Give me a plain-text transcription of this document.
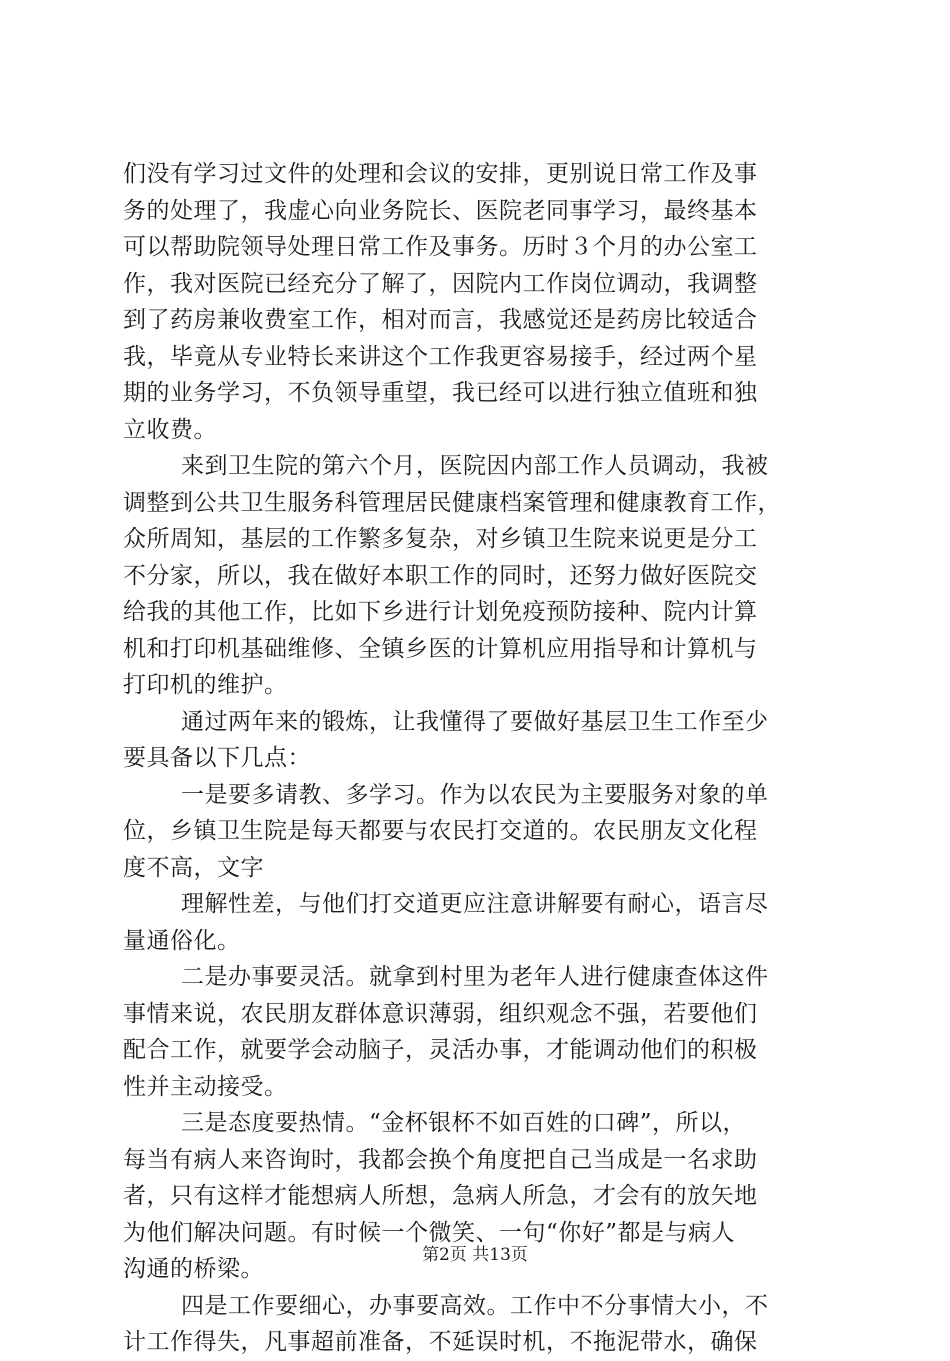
们没有学习过文件的处理和会议的安排，更别说日常工作及事
务的处理了，我虚心向业务院长、医院老同事学习，最终基本
可以帮助院领导处理日常工作及事务。历时３个月的办公室工
作，我对医院已经充分了解了，因院内工作岗位调动，我调整
到了药房兼收费室工作，相对而言，我感觉还是药房比较适合
我，毕竟从专业特长来讲这个工作我更容易接手，经过两个星
期的业务学习，不负领导重望，我已经可以进行独立值班和独
立收费。
来到卫生院的第六个月，医院因内部工作人员调动，我被
调整到公共卫生服务科管理居民健康档案管理和健康教育工作，
众所周知，基层的工作繁多复杂，对乡镇卫生院来说更是分工
不分家，所以，我在做好本职工作的同时，还努力做好医院交
给我的其他工作，比如下乡进行计划免疫预防接种、院内计算
机和打印机基础维修、全镇乡医的计算机应用指导和计算机与
打印机的维护。
通过两年来的锻炼，让我懂得了要做好基层卫生工作至少
要具备以下几点：
一是要多请教、多学习。作为以农民为主要服务对象的单
位，乡镇卫生院是每天都要与农民打交道的。农民朋友文化程
度不高，文字
理解性差，与他们打交道更应注意讲解要有耐心，语言尽
量通俗化。
二是办事要灵活。就拿到村里为老年人进行健康查体这件
事情来说，农民朋友群体意识薄弱，组织观念不强，若要他们
配合工作，就要学会动脑子，灵活办事，才能调动他们的积极
性并主动接受。
三是态度要热情。“金杯银杯不如百姓的口碑”，所以，
每当有病人来咨询时，我都会换个角度把自己当成是一名求助
者，只有这样才能想病人所想，急病人所急，才会有的放矢地
为他们解决问题。有时候一个微笑、一句“你好”都是与病人
沟通的桥梁。
四是工作要细心，办事要高效。工作中不分事情大小，不
计工作得失，凡事超前准备，不延误时机，不拖泥带水，确保
第2页 共13页
